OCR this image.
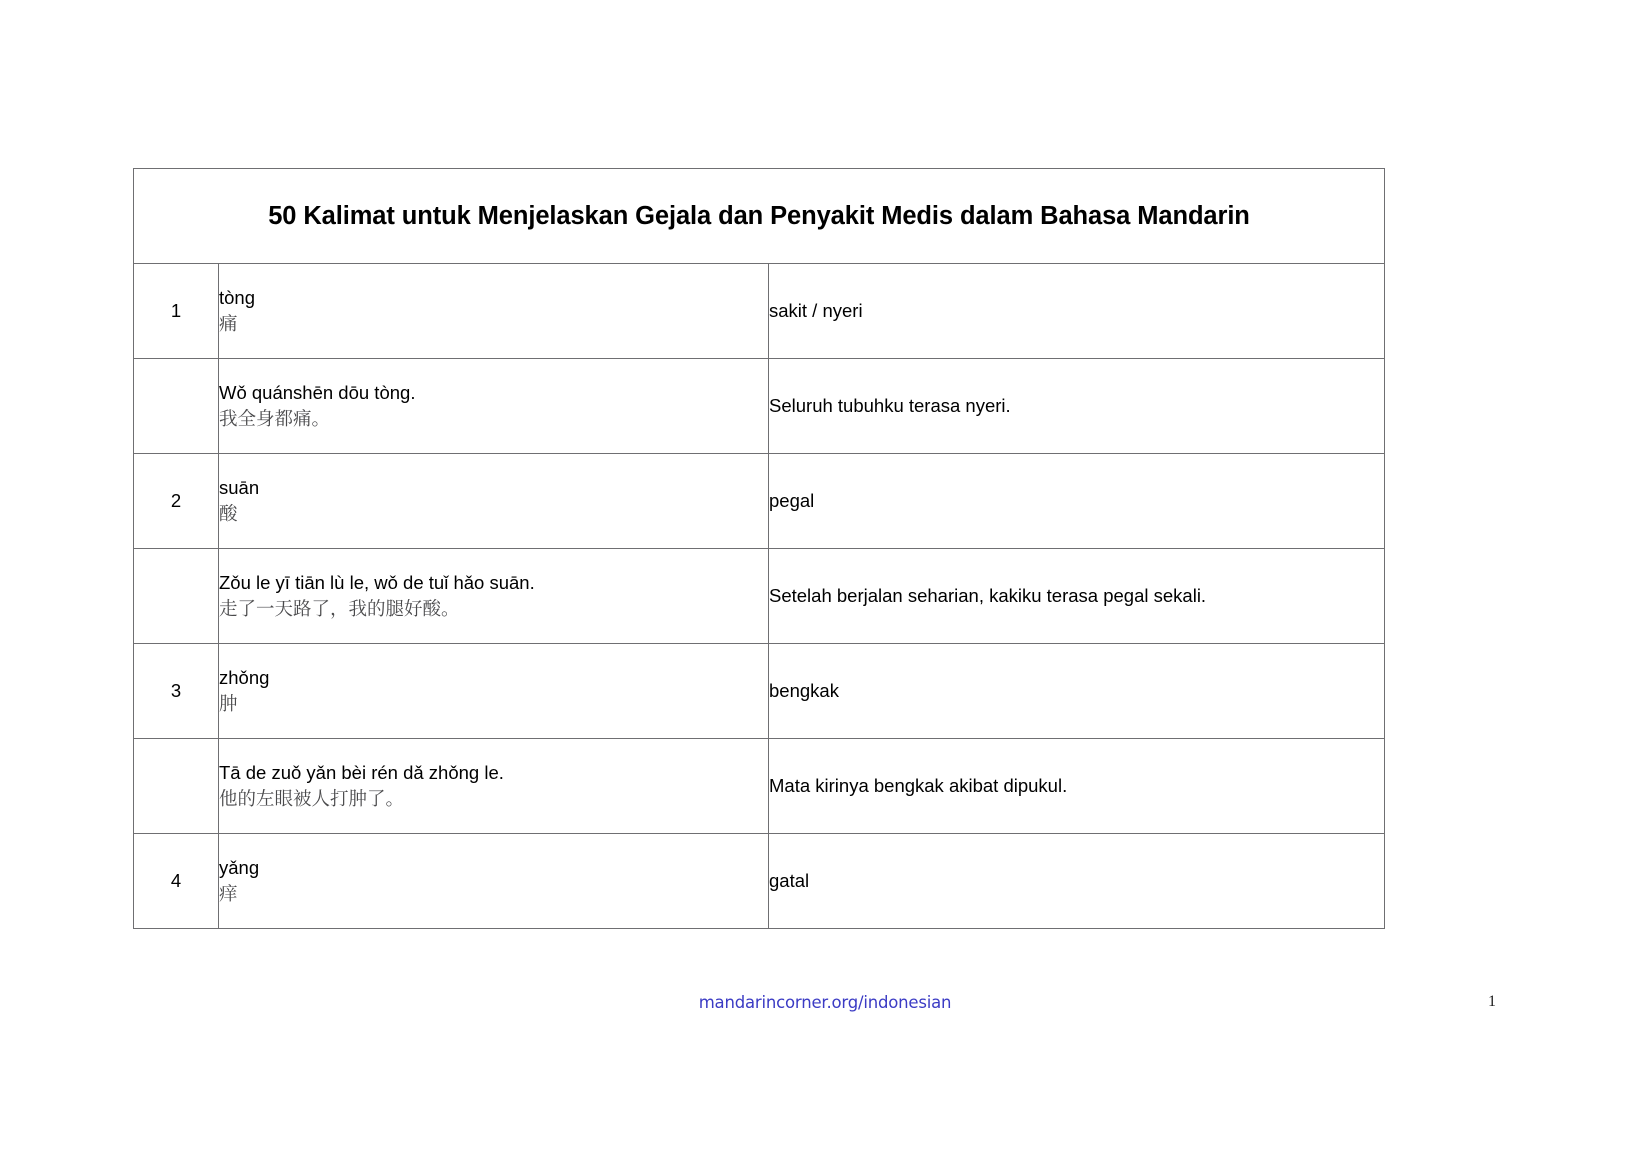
50 Kalimat untuk Menjelaskan Gejala dan Penyakit Medis dalam Bahasa Mandarin		

1	tòng
痛	sakit / nyeri

	Wǒ quánshēn dōu tòng.
我全身都痛。	Seluruh tubuhku terasa nyeri.
2	suān
酸	pegal

	Zǒu le yī tiān lù le, wǒ de tuǐ hǎo suān.
走了一天路了，我的腿好酸。	Setelah berjalan seharian, kakiku terasa pegal sekali.
3	zhǒng
肿	bengkak

	Tā de zuǒ yǎn bèi rén dǎ zhǒng le.
他的左眼被人打肿了。	Mata kirinya bengkak akibat dipukul.
4	yǎng
痒	gatal
mandarincorner.org/indonesian	1
